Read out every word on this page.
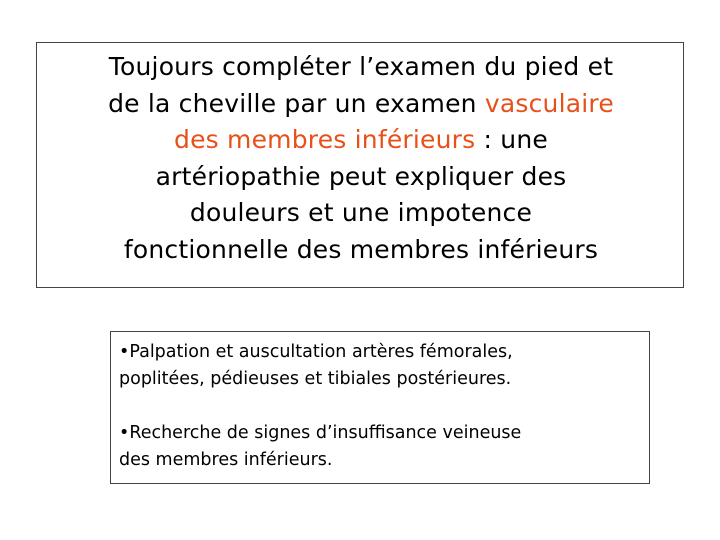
Toujours compléter l’examen du pied et
de la cheville par un examen vasculaire
des membres inférieurs : une
artériopathie peut expliquer des
douleurs et une impotence
fonctionnelle des membres inférieurs

•Palpation et auscultation artères fémorales,

poplitées, pédieuses et tibiales postérieures.

•Recherche de signes d’insuffisance veineuse

des membres inférieurs.
